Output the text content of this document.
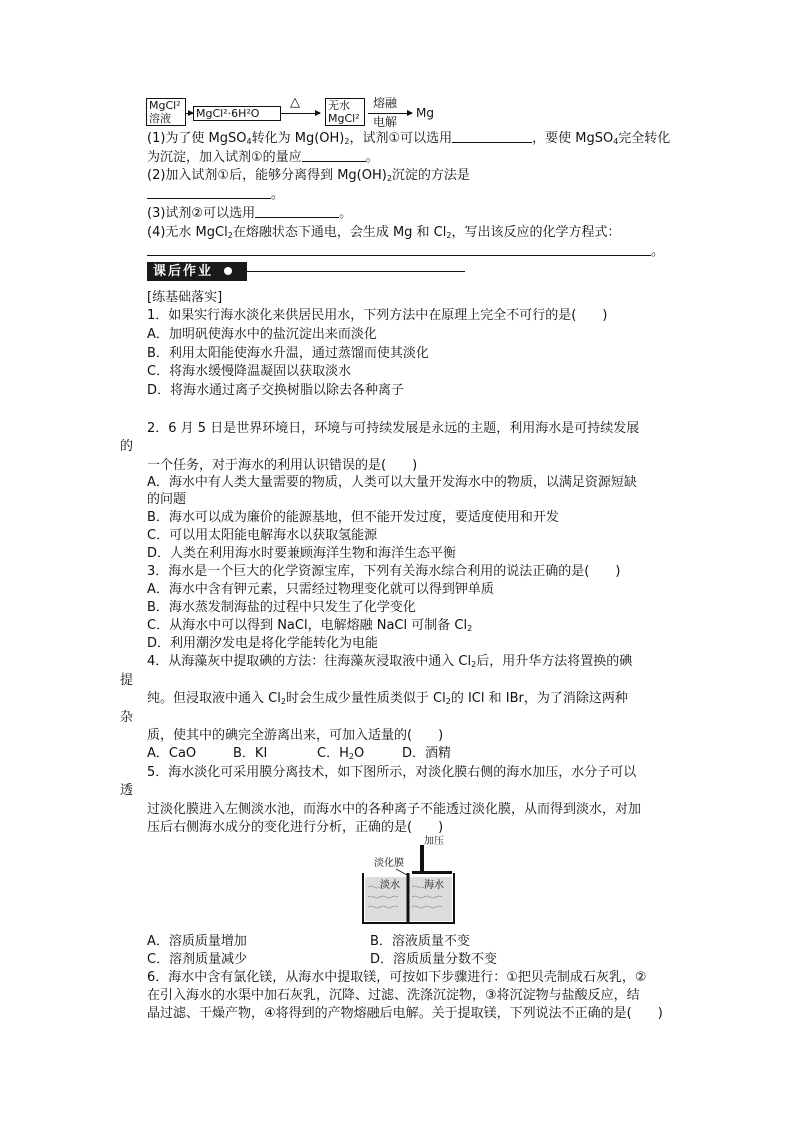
MgCl²
溶液	MgCl²·6H²O
△	无水
MgCl²
熔融
电解
Mg
(1)为了使 MgSO$_4$转化为 $Mg(OH)_2$，试剂①可以选用	，要使 MgSO$_4$完全转化
为沉淀，加入试剂①的量应	。
(2)加入试剂①后，能够分离得到 $Mg(OH)_2$沉淀的方法是
。
(3)试剂②可以选用	。
(4)无水 MgCl$_2$在熔融状态下通电，会生成 Mg 和 $Cl_2$，写出该反应的化学方程式：
。
课后作业
[练基础落实]
1．如果实行海水淡化来供居民用水，下列方法中在原理上完全不可行的是(　　)
A．加明矾使海水中的盐沉淀出来而淡化
B．利用太阳能使海水升温，通过蒸馏而使其淡化
C．将海水缓慢降温凝固以获取淡水
D．将海水通过离子交换树脂以除去各种离子
2．6 月 5 日是世界环境日，环境与可持续发展是永远的主题，利用海水是可持续发展
的
一个任务，对于海水的利用认识错误的是(　　)
A．海水中有人类大量需要的物质，人类可以大量开发海水中的物质，以满足资源短缺
的问题
B．海水可以成为廉价的能源基地，但不能开发过度，要适度使用和开发
C．可以用太阳能电解海水以获取氢能源
D．人类在利用海水时要兼顾海洋生物和海洋生态平衡
3．海水是一个巨大的化学资源宝库，下列有关海水综合利用的说法正确的是(　　)
A．海水中含有钾元素，只需经过物理变化就可以得到钾单质
B．海水蒸发制海盐的过程中只发生了化学变化
C．从海水中可以得到 NaCl，电解熔融 NaCl 可制备 $Cl_2$
D．利用潮汐发电是将化学能转化为电能
4．从海藻灰中提取碘的方法：往海藻灰浸取液中通入 $Cl_2$后，用升华方法将置换的碘
提
纯。但浸取液中通入 $Cl_2$时会生成少量性质类似于 $Cl_2$的 ICl 和 IBr，为了消除这两种
杂
质，使其中的碘完全游离出来，可加入适量的(　　)
A．CaO	B．KI	C．$H_2O$	D．酒精
5．海水淡化可采用膜分离技术，如下图所示，对淡化膜右侧的海水加压，水分子可以
透
过淡化膜进入左侧淡水池，而海水中的各种离子不能透过淡化膜，从而得到淡水，对加
压后右侧海水成分的变化进行分析，正确的是(　　)
加压
淡化膜
淡水 海水
A．溶质质量增加	B．溶液质量不变
C．溶剂质量减少	D．溶质质量分数不变
6．海水中含有氯化镁，从海水中提取镁，可按如下步骤进行：①把贝壳制成石灰乳，②
在引入海水的水渠中加石灰乳，沉降、过滤、洗涤沉淀物，③将沉淀物与盐酸反应，结
晶过滤、干燥产物，④将得到的产物熔融后电解。关于提取镁，下列说法不正确的是(　　)
